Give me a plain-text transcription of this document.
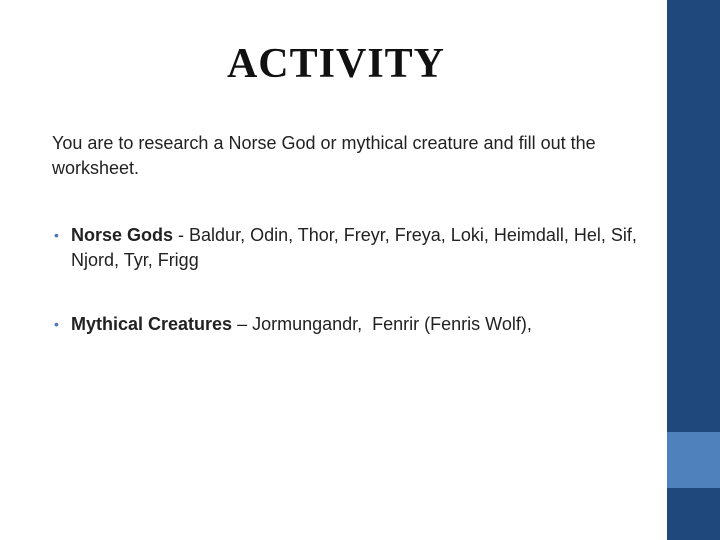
ACTIVITY
You are to research a Norse God or mythical creature and fill out the worksheet.
• Norse Gods - Baldur, Odin, Thor, Freyr, Freya, Loki, Heimdall, Hel, Sif, Njord, Tyr, Frigg
• Mythical Creatures – Jormungandr,  Fenrir (Fenris Wolf),
